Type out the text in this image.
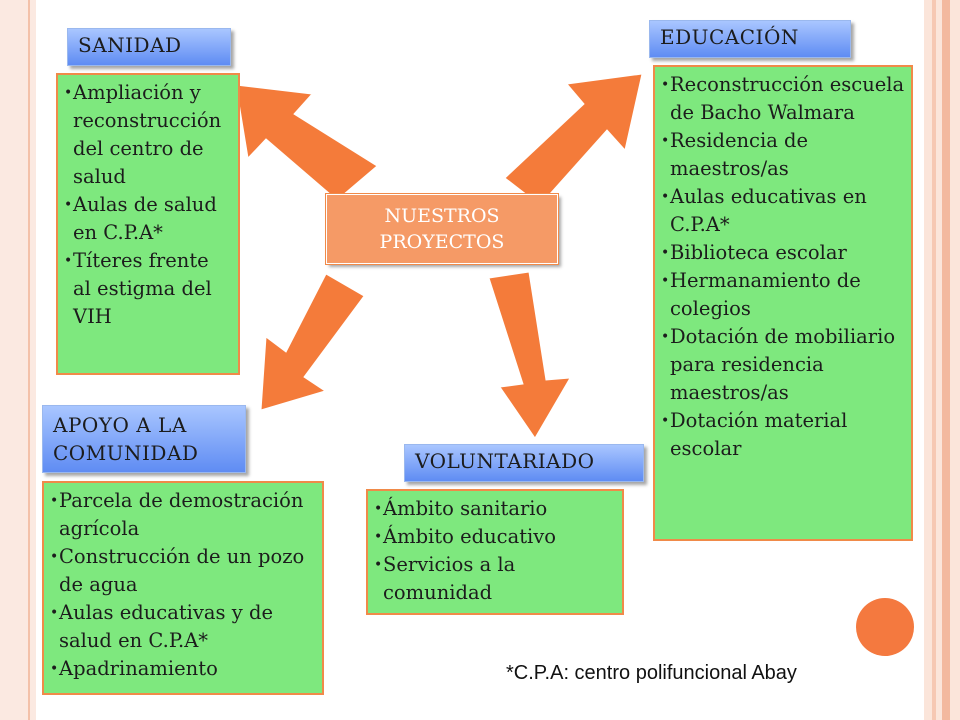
SANIDAD
• Ampliación y reconstrucción del centro de salud
• Aulas de salud en C.P.A*
• Títeres frente al estigma del VIH
EDUCACIÓN
• Reconstrucción escuela de Bacho Walmara
• Residencia de maestros/as
• Aulas educativas en C.P.A*
• Biblioteca escolar
• Hermanamiento de colegios
• Dotación de mobiliario para residencia maestros/as
• Dotación material escolar
NUESTROS
PROYECTOS
APOYO A LA
COMUNIDAD
• Parcela de demostración agrícola
• Construcción de un pozo de agua
• Aulas educativas y de salud en C.P.A*
• Apadrinamiento
VOLUNTARIADO
• Ámbito sanitario
• Ámbito educativo
• Servicios a la comunidad
*C.P.A: centro polifuncional Abay
